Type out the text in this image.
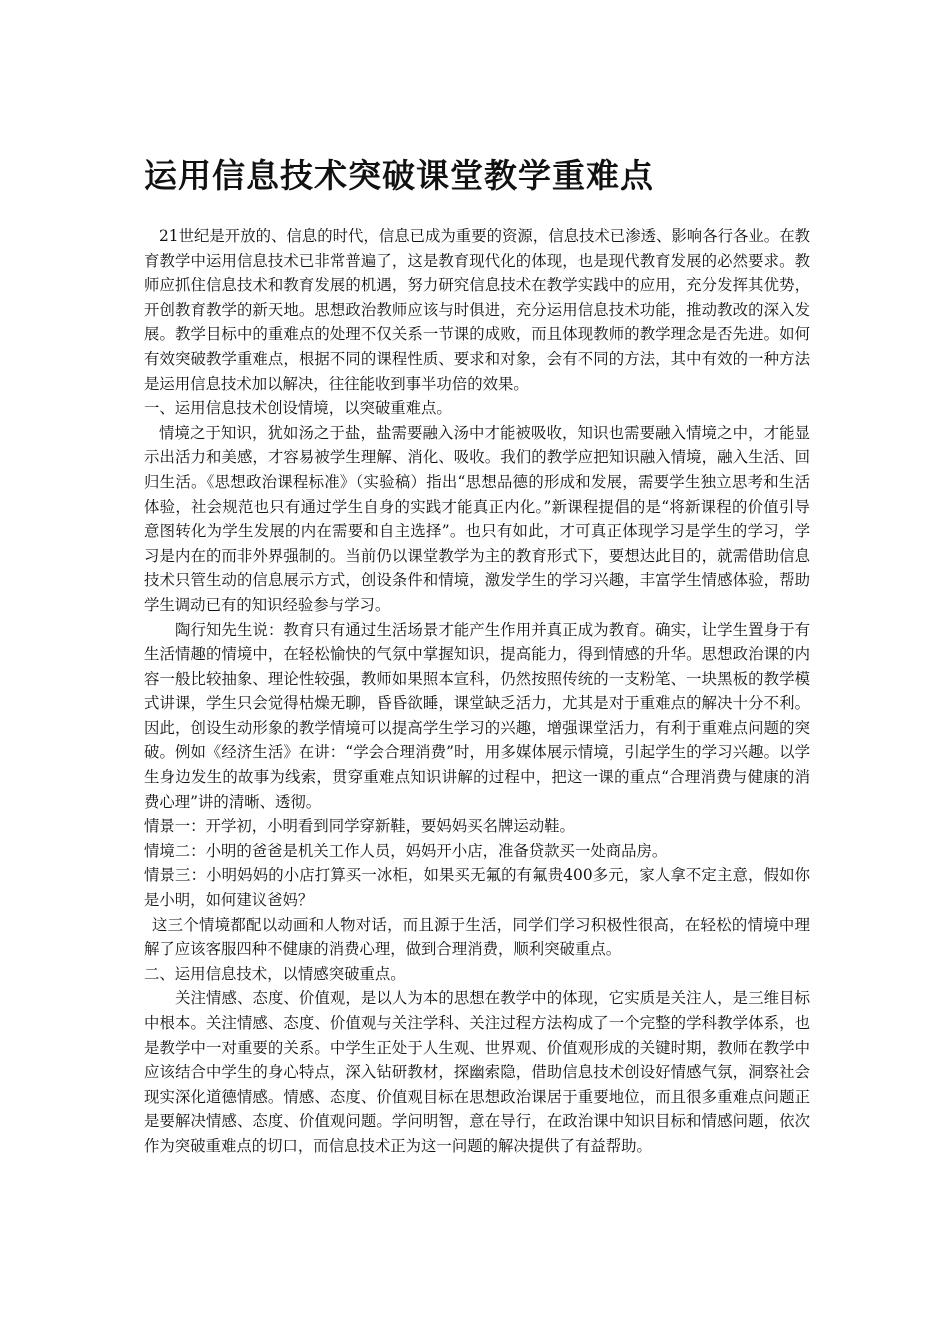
运用信息技术突破课堂教学重难点

21世纪是开放的、信息的时代，信息已成为重要的资源，信息技术已渗透、影响各行各业。在教育教学中运用信息技术已非常普遍了，这是教育现代化的体现，也是现代教育发展的必然要求。教师应抓住信息技术和教育发展的机遇，努力研究信息技术在教学实践中的应用，充分发挥其优势，开创教育教学的新天地。思想政治教师应该与时俱进，充分运用信息技术功能，推动教改的深入发展。教学目标中的重难点的处理不仅关系一节课的成败，而且体现教师的教学理念是否先进。如何有效突破教学重难点，根据不同的课程性质、要求和对象，会有不同的方法，其中有效的一种方法是运用信息技术加以解决，往往能收到事半功倍的效果。

一、运用信息技术创设情境，以突破重难点。

情境之于知识，犹如汤之于盐，盐需要融入汤中才能被吸收，知识也需要融入情境之中，才能显示出活力和美感，才容易被学生理解、消化、吸收。我们的教学应把知识融入情境，融入生活、回归生活。《思想政治课程标准》（实验稿）指出“思想品德的形成和发展，需要学生独立思考和生活体验，社会规范也只有通过学生自身的实践才能真正内化。”新课程提倡的是“将新课程的价值引导意图转化为学生发展的内在需要和自主选择”。也只有如此，才可真正体现学习是学生的学习，学习是内在的而非外界强制的。当前仍以课堂教学为主的教育形式下，要想达此目的，就需借助信息技术只管生动的信息展示方式，创设条件和情境，激发学生的学习兴趣，丰富学生情感体验，帮助学生调动已有的知识经验参与学习。

陶行知先生说：教育只有通过生活场景才能产生作用并真正成为教育。确实，让学生置身于有生活情趣的情境中，在轻松愉快的气氛中掌握知识，提高能力，得到情感的升华。思想政治课的内容一般比较抽象、理论性较强，教师如果照本宣科，仍然按照传统的一支粉笔、一块黑板的教学模式讲课，学生只会觉得枯燥无聊，昏昏欲睡，课堂缺乏活力，尤其是对于重难点的解决十分不利。因此，创设生动形象的教学情境可以提高学生学习的兴趣，增强课堂活力，有利于重难点问题的突破。例如《经济生活》在讲：“学会合理消费”时，用多媒体展示情境，引起学生的学习兴趣。以学生身边发生的故事为线索，贯穿重难点知识讲解的过程中，把这一课的重点“合理消费与健康的消费心理”讲的清晰、透彻。

情景一：开学初，小明看到同学穿新鞋，要妈妈买名牌运动鞋。

情境二：小明的爸爸是机关工作人员，妈妈开小店，准备贷款买一处商品房。

情景三：小明妈妈的小店打算买一冰柜，如果买无氟的有氟贵400多元，家人拿不定主意，假如你是小明，如何建议爸妈？

这三个情境都配以动画和人物对话，而且源于生活，同学们学习积极性很高，在轻松的情境中理解了应该客服四种不健康的消费心理，做到合理消费，顺利突破重点。

二、运用信息技术，以情感突破重点。

关注情感、态度、价值观，是以人为本的思想在教学中的体现，它实质是关注人，是三维目标中根本。关注情感、态度、价值观与关注学科、关注过程方法构成了一个完整的学科教学体系，也是教学中一对重要的关系。中学生正处于人生观、世界观、价值观形成的关键时期，教师在教学中应该结合中学生的身心特点，深入钻研教材，探幽索隐，借助信息技术创设好情感气氛，洞察社会现实深化道德情感。情感、态度、价值观目标在思想政治课居于重要地位，而且很多重难点问题正是要解决情感、态度、价值观问题。学问明智，意在导行，在政治课中知识目标和情感问题，依次作为突破重难点的切口，而信息技术正为这一问题的解决提供了有益帮助。
